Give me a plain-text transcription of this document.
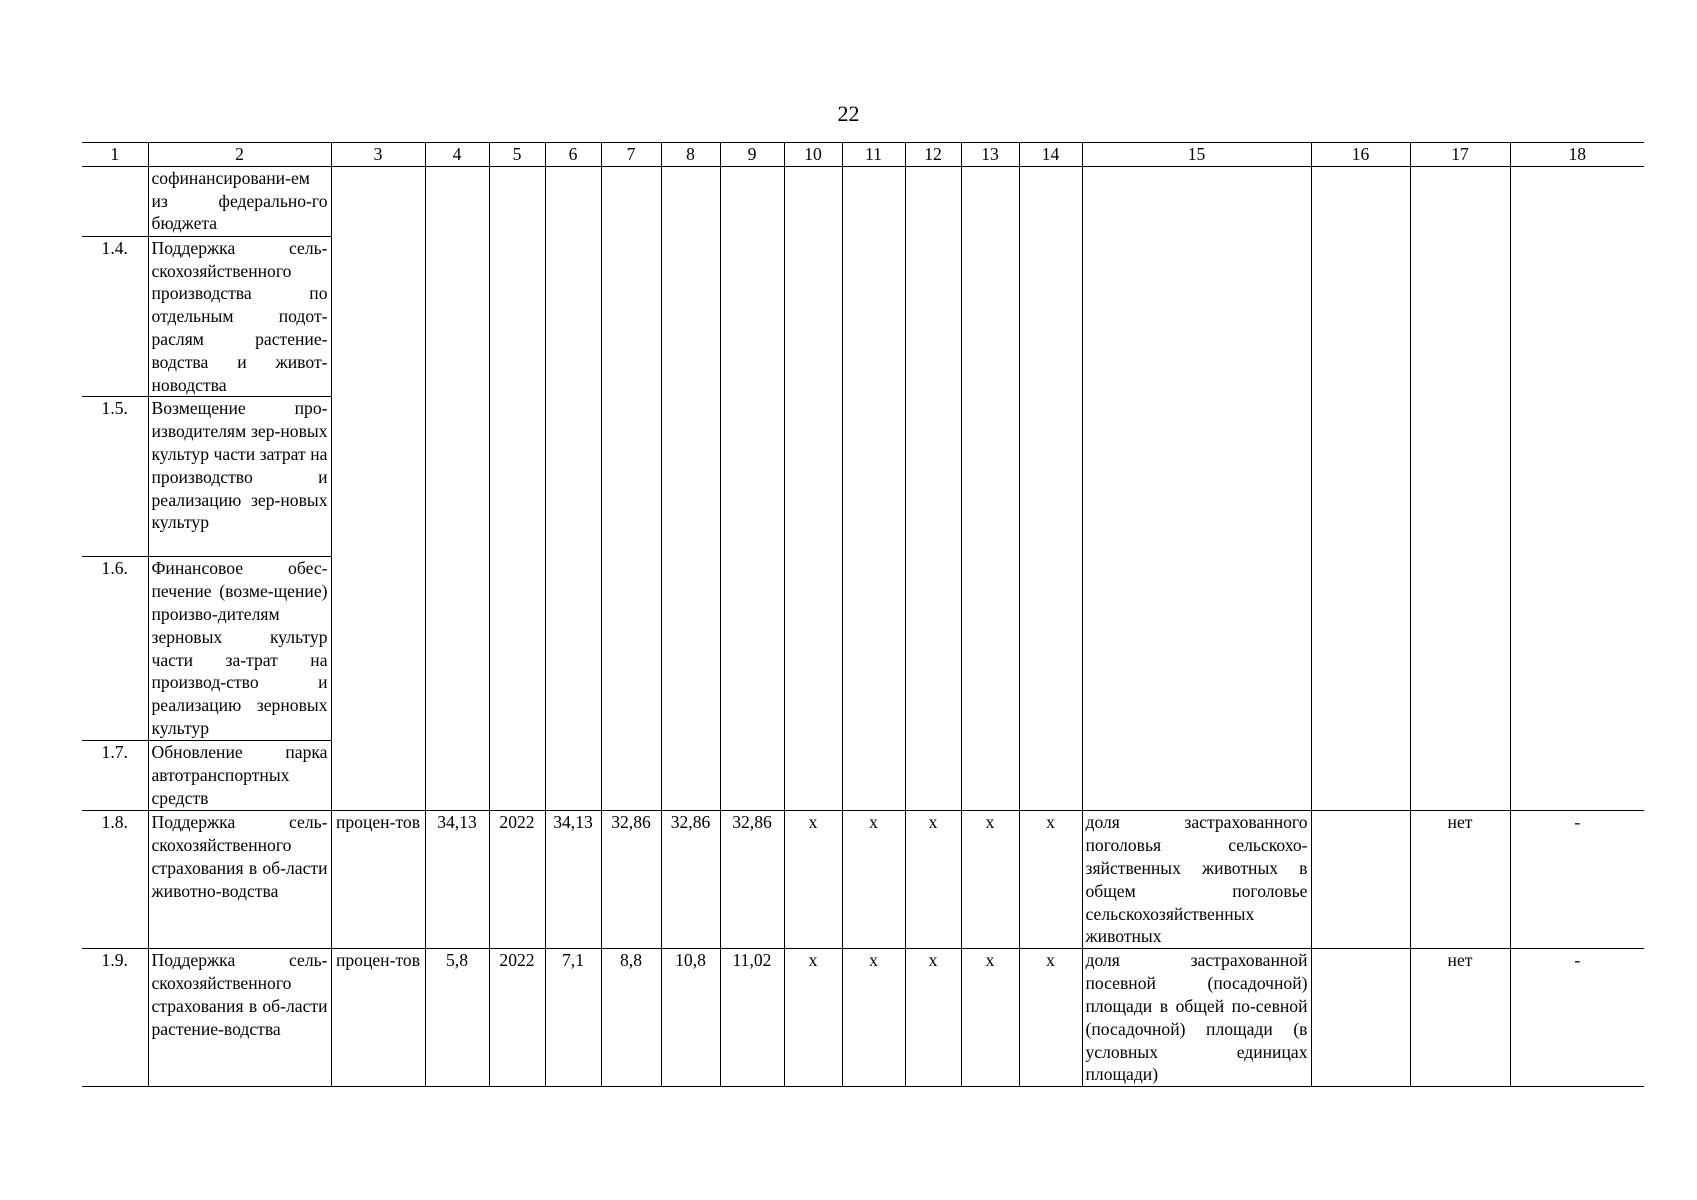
22
1	2	3	4	5	6	7	8	9	10	11	12	13	14	15	16	17	18
	софинансировани-ем из федерально-го бюджета																
1.4.	Поддержка сель-скохозяйственного производства по отдельным подот-раслям растение-водства и живот-новодства																
1.5.	Возмещение про-изводителям зер-новых культур части затрат на производство и реализацию зер-новых культур																
1.6.	Финансовое обес-печение (возме-щение) произво-дителям зерновых культур части за-трат на производ-ство и реализацию зерновых культур																
1.7.	Обновление парка автотранспортных средств																
1.8.	Поддержка сель-скохозяйственного страхования в об-ласти животно-водства	процен-тов	34,13	2022	34,13	32,86	32,86	32,86	x	x	x	x	x	доля застрахованного поголовья сельскохо-зяйственных животных в общем поголовье сельскохозяйственных животных		нет	-
1.9.	Поддержка сель-скохозяйственного страхования в об-ласти растение-водства	процен-тов	5,8	2022	7,1	8,8	10,8	11,02	x	x	x	x	x	доля застрахованной посевной (посадочной) площади в общей по-севной (посадочной) площади (в условных единицах площади)		нет	-
